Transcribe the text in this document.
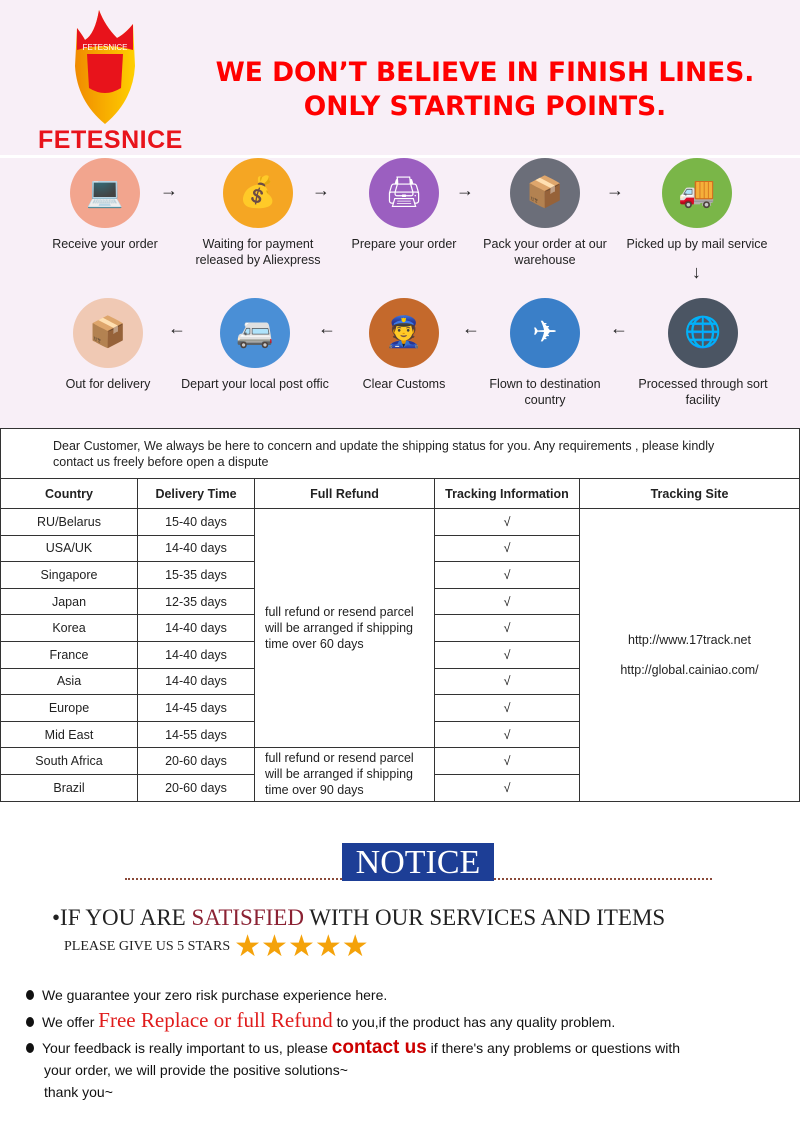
FETESNICE
FETESNICE
WE DON’T BELIEVE IN FINISH LINES.
ONLY STARTING POINTS.
💻
Receive your order
💰
Waiting for payment released by Aliexpress
🖨
Prepare your order
📦
Pack your order at our warehouse
🚚
Picked up by mail service
📦
Out for delivery
🚐
Depart your local post offic
👮
Clear Customs
✈
Flown to destination country
🌐
Processed through sort facility
→	→	→	→
←	←	←	←
↓
Dear Customer, We always be here to concern and update the shipping status for you. Any requirements , please kindly contact us freely before open a dispute				
Country	Delivery Time	Full Refund	Tracking Information	Tracking Site
RU/Belarus	15-40 days	full refund or resend parcel will be arranged if shipping time over 60 days	√	http://www.17track.net
http://global.cainiao.com/

USA/UK	14-40 days		√	
Singapore	15-35 days		√	
Japan	12-35 days		√	
Korea	14-40 days		√	
France	14-40 days		√	
Asia	14-40 days		√	
Europe	14-45 days		√	
Mid East	14-55 days		√	
South Africa	20-60 days	full refund or resend parcel will be arranged if shipping time over 90 days	√	
Brazil	20-60 days		√	
NOTICE
•IF YOU ARE SATISFIED WITH OUR SERVICES AND ITEMS
PLEASE GIVE US 5 STARS ★★★★★
We guarantee your zero risk purchase experience here.
We offer Free Replace or full Refund to you,if the product has any quality problem.
Your feedback is really important to us, please contact us if there's any problems or questions with
your order, we will provide the positive solutions~
thank you~
